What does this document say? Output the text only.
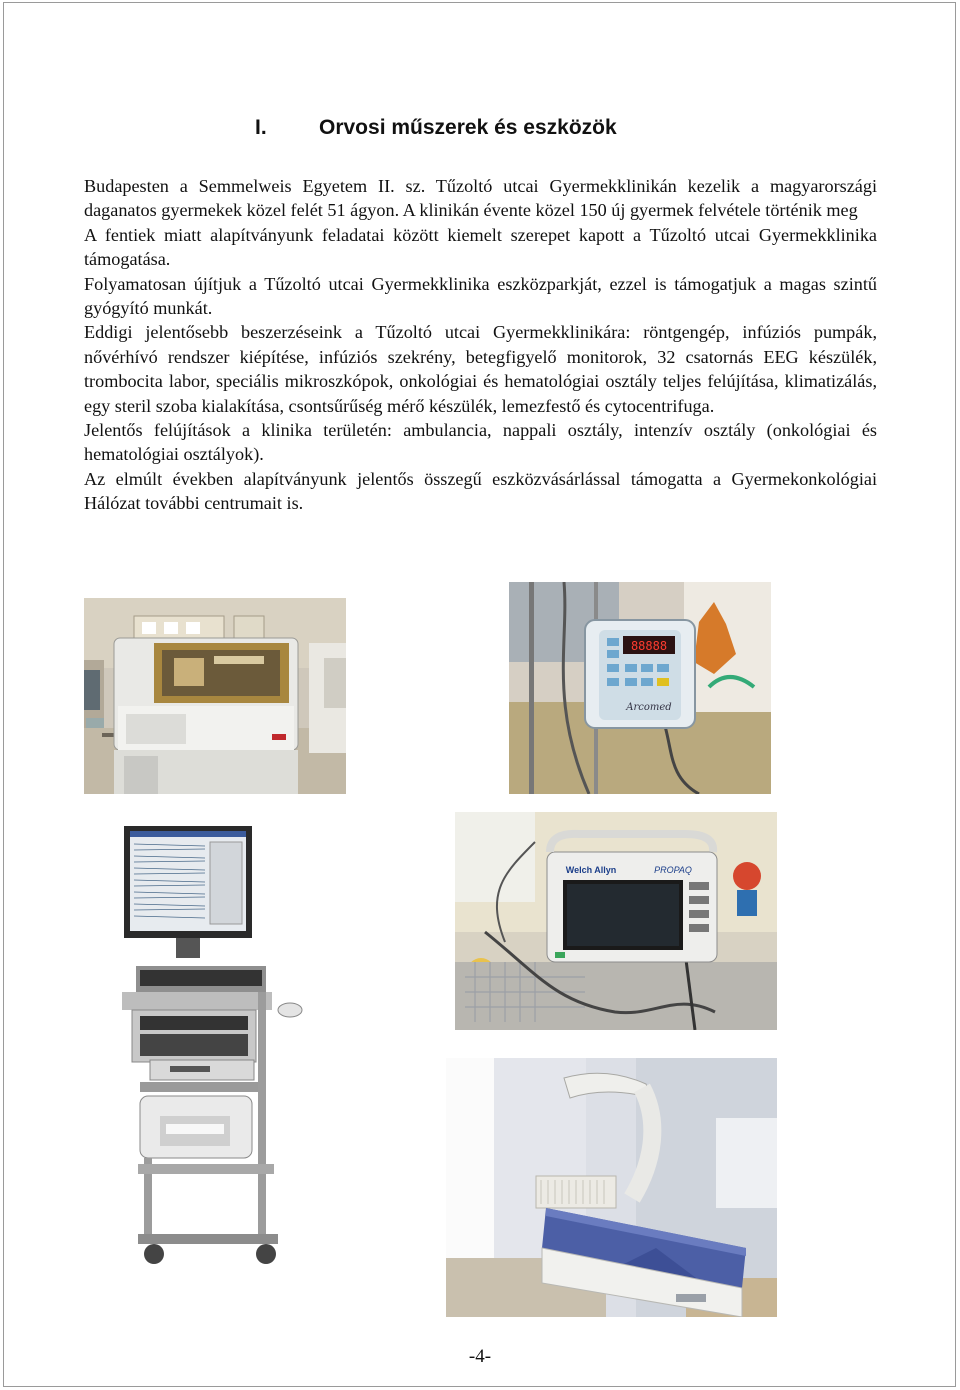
I. Orvosi műszerek és eszközök

Budapesten a Semmelweis Egyetem II. sz. Tűzoltó utcai Gyermekklinikán kezelik a magyarországi daganatos gyermekek közel felét 51 ágyon. A klinikán évente közel 150 új gyermek felvétele történik meg

A fentiek miatt alapítványunk feladatai között kiemelt szerepet kapott a Tűzoltó utcai Gyermekklinika támogatása.

Folyamatosan újítjuk a Tűzoltó utcai Gyermekklinika eszközparkját, ezzel is támogatjuk a magas szintű gyógyító munkát.

Eddigi jelentősebb beszerzéseink a Tűzoltó utcai Gyermekklinikára: röntgengép, infúziós pumpák, nővérhívó rendszer kiépítése, infúziós szekrény, betegfigyelő monitorok, 32 csatornás EEG készülék, trombocita labor, speciális mikroszkópok, onkológiai és hematológiai osztály teljes felújítása, klimatizálás, egy steril szoba kialakítása, csontsűrűség mérő készülék, lemezfestő és cytocentrifuga.

Jelentős felújítások a klinika területén: ambulancia, nappali osztály, intenzív osztály (onkológiai és hematológiai osztályok).

Az elmúlt években alapítványunk jelentős összegű eszközvásárlással támogatta a Gyermekonkológiai Hálózat további centrumait is.

88888
Arcomed
Welch Allyn	PROPAQ
-4-
